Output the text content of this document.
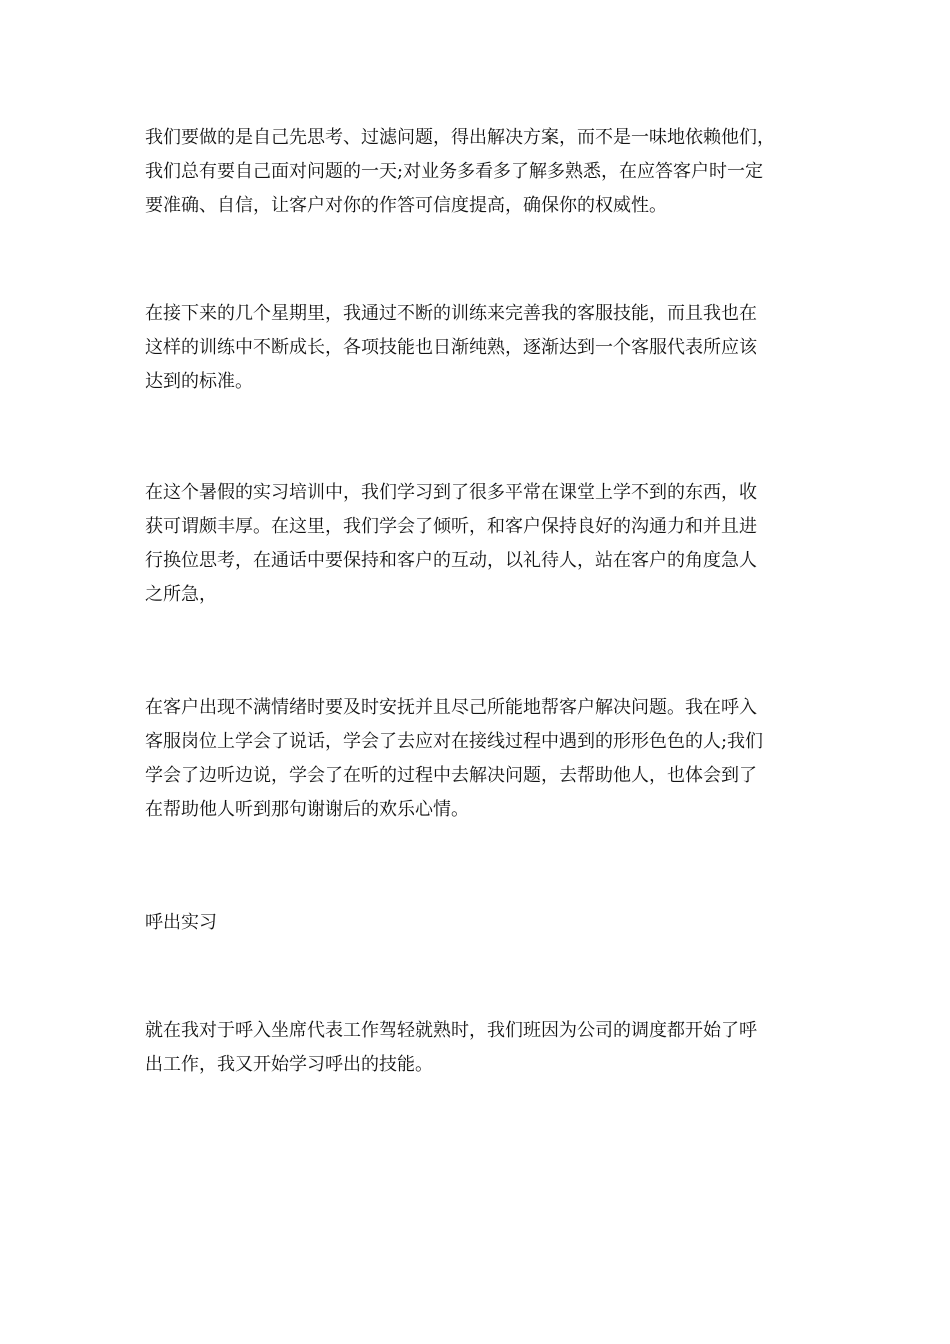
我们要做的是自己先思考、过滤问题，得出解决方案，而不是一味地依赖他们，
我们总有要自己面对问题的一天;对业务多看多了解多熟悉，在应答客户时一定
要准确、自信，让客户对你的作答可信度提高，确保你的权威性。

在接下来的几个星期里，我通过不断的训练来完善我的客服技能，而且我也在
这样的训练中不断成长，各项技能也日渐纯熟，逐渐达到一个客服代表所应该
达到的标准。

在这个暑假的实习培训中，我们学习到了很多平常在课堂上学不到的东西，收
获可谓颇丰厚。在这里，我们学会了倾听，和客户保持良好的沟通力和并且进
行换位思考，在通话中要保持和客户的互动，以礼待人，站在客户的角度急人
之所急，

在客户出现不满情绪时要及时安抚并且尽己所能地帮客户解决问题。我在呼入
客服岗位上学会了说话，学会了去应对在接线过程中遇到的形形色色的人;我们
学会了边听边说，学会了在听的过程中去解决问题，去帮助他人，也体会到了
在帮助他人听到那句谢谢后的欢乐心情。

呼出实习

就在我对于呼入坐席代表工作驾轻就熟时，我们班因为公司的调度都开始了呼
出工作，我又开始学习呼出的技能。
